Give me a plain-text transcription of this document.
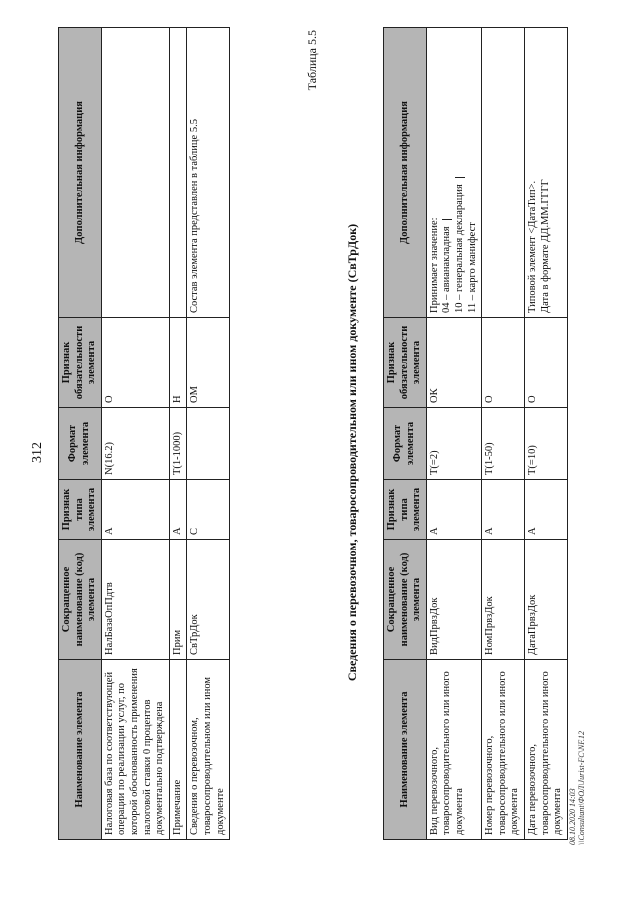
312
Наименование элемента	Сокращенное наименование (код) элемента	Признак типа элемента	Формат элемента	Признак обязательности элемента	Дополнительная информация
Налоговая база по соответствующей операции по реализации услуг, по которой обоснованность применения налоговой ставки 0 процентов документально подтверждена	НалБазаОпПдтв	А	N(16.2)	О	
Примечание	Прим	А	T(1-1000)	Н	
Сведения о перевозочном, товаросопроводительном или ином документе	СвТрДок	С		ОМ	Состав элемента представлен в таблице 5.5
Таблица 5.5
Сведения о перевозочном, товаросопроводительном или ином документе (СвТрДок)
Наименование элемента	Сокращенное наименование (код) элемента	Признак типа элемента	Формат элемента	Признак обязательности элемента	Дополнительная информация
Вид перевозочного, товаросопроводительного или иного документа	ВидПрвзДок	А	T(=2)	ОК	Принимает значение: 04 – авианакладная 10 – генеральная декларация 11 – карго манифест

Номер перевозочного, товаросопроводительного или иного документа	НомПрвзДок	А	T(1-50)	О	
Дата перевозочного, товаросопроводительного или иного документа	ДатаПрвзДок	А	T(=10)	О	Типовой элемент <ДатаТип>. Дата в формате ДД.ММ.ГГГГ
08.10.2020 14:03 \\Consultant\ФОЛ\Jurist-FC\NF.12
